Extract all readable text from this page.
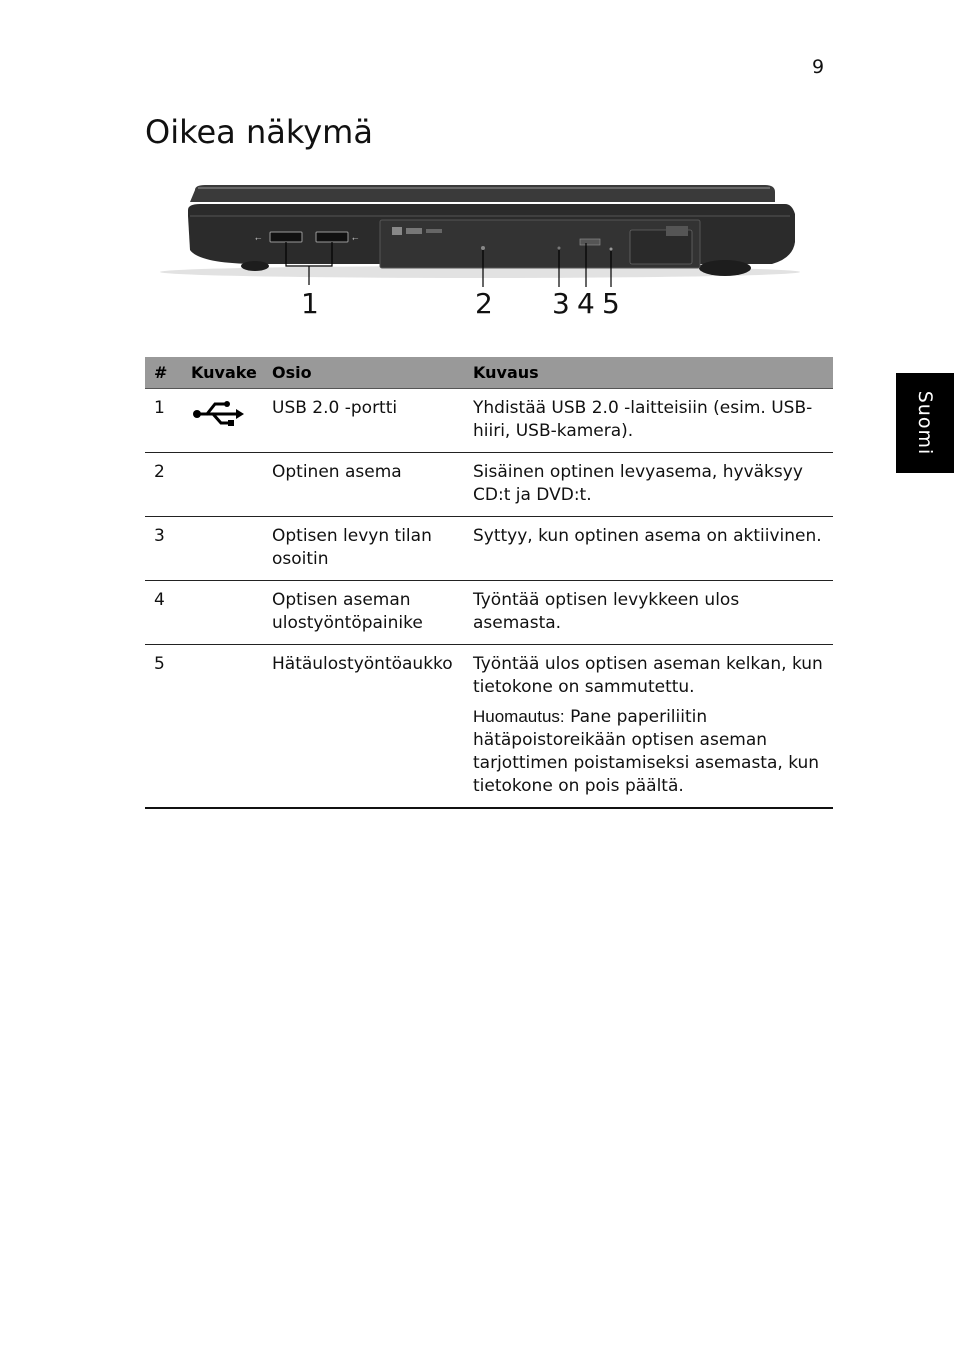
9
Oikea näkymä
Suomi
⭠	⭠
1	2 3 4 5
#	Kuvake	Osio	Kuvaus
1		USB 2.0 -portti	Yhdistää USB 2.0 -laitteisiin (esim. USB-hiiri, USB-kamera).
2		Optinen asema	Sisäinen optinen levyasema, hyväksyy CD:t ja DVD:t.
3		Optisen levyn tilan osoitin	Syttyy, kun optinen asema on aktiivinen.
4		Optisen aseman ulostyöntöpainike	Työntää optisen levykkeen ulos asemasta.
5		Hätäulostyöntöaukko	Työntää ulos optisen aseman kelkan, kun tietokone on sammutettu.
Huomautus: Pane paperiliitin hätäpoistoreikään optisen aseman tarjottimen poistamiseksi asemasta, kun tietokone on pois päältä.
